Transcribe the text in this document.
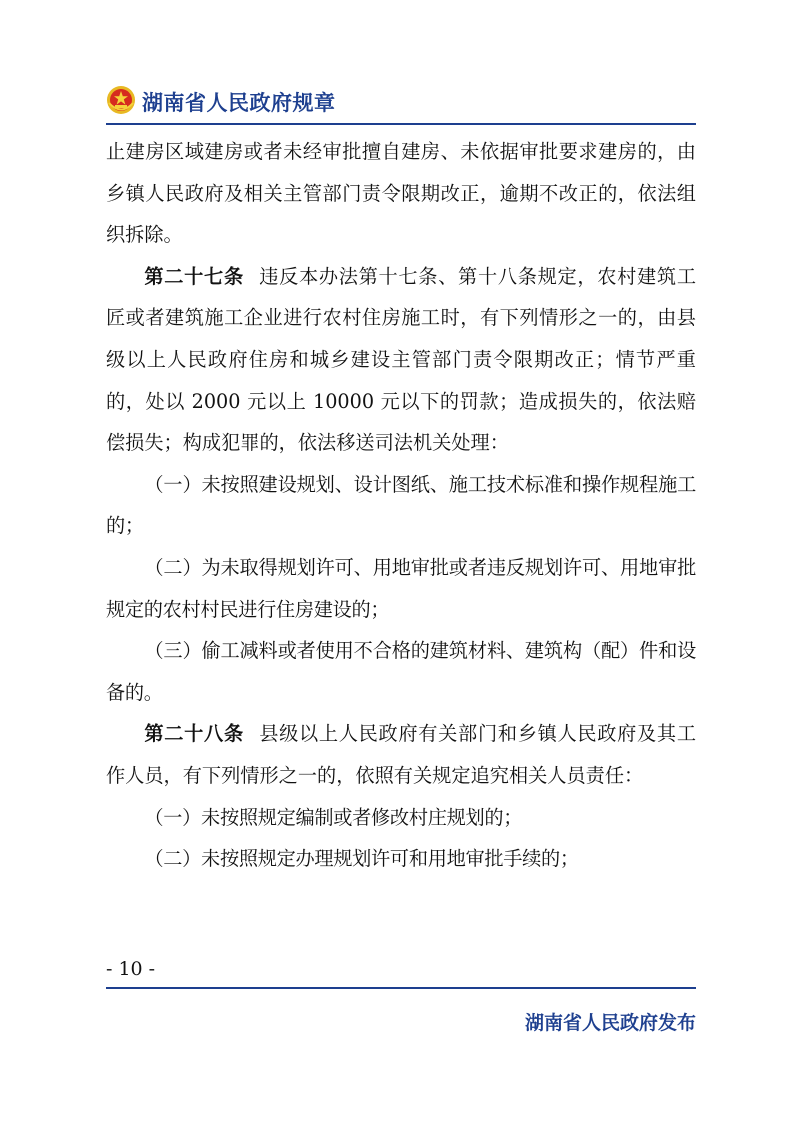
湖南省人民政府规章

止建房区域建房或者未经审批擅自建房、未依据审批要求建房的，由乡镇人民政府及相关主管部门责令限期改正，逾期不改正的，依法组织拆除。

第二十七条 违反本办法第十七条、第十八条规定，农村建筑工匠或者建筑施工企业进行农村住房施工时，有下列情形之一的，由县级以上人民政府住房和城乡建设主管部门责令限期改正；情节严重的，处以 2000 元以上 10000 元以下的罚款；造成损失的，依法赔偿损失；构成犯罪的，依法移送司法机关处理：

（一）未按照建设规划、设计图纸、施工技术标准和操作规程施工的；

（二）为未取得规划许可、用地审批或者违反规划许可、用地审批规定的农村村民进行住房建设的；

（三）偷工减料或者使用不合格的建筑材料、建筑构（配）件和设备的。

第二十八条 县级以上人民政府有关部门和乡镇人民政府及其工作人员，有下列情形之一的，依照有关规定追究相关人员责任：

（一）未按照规定编制或者修改村庄规划的；

（二）未按照规定办理规划许可和用地审批手续的；

- 10 -
湖南省人民政府发布
